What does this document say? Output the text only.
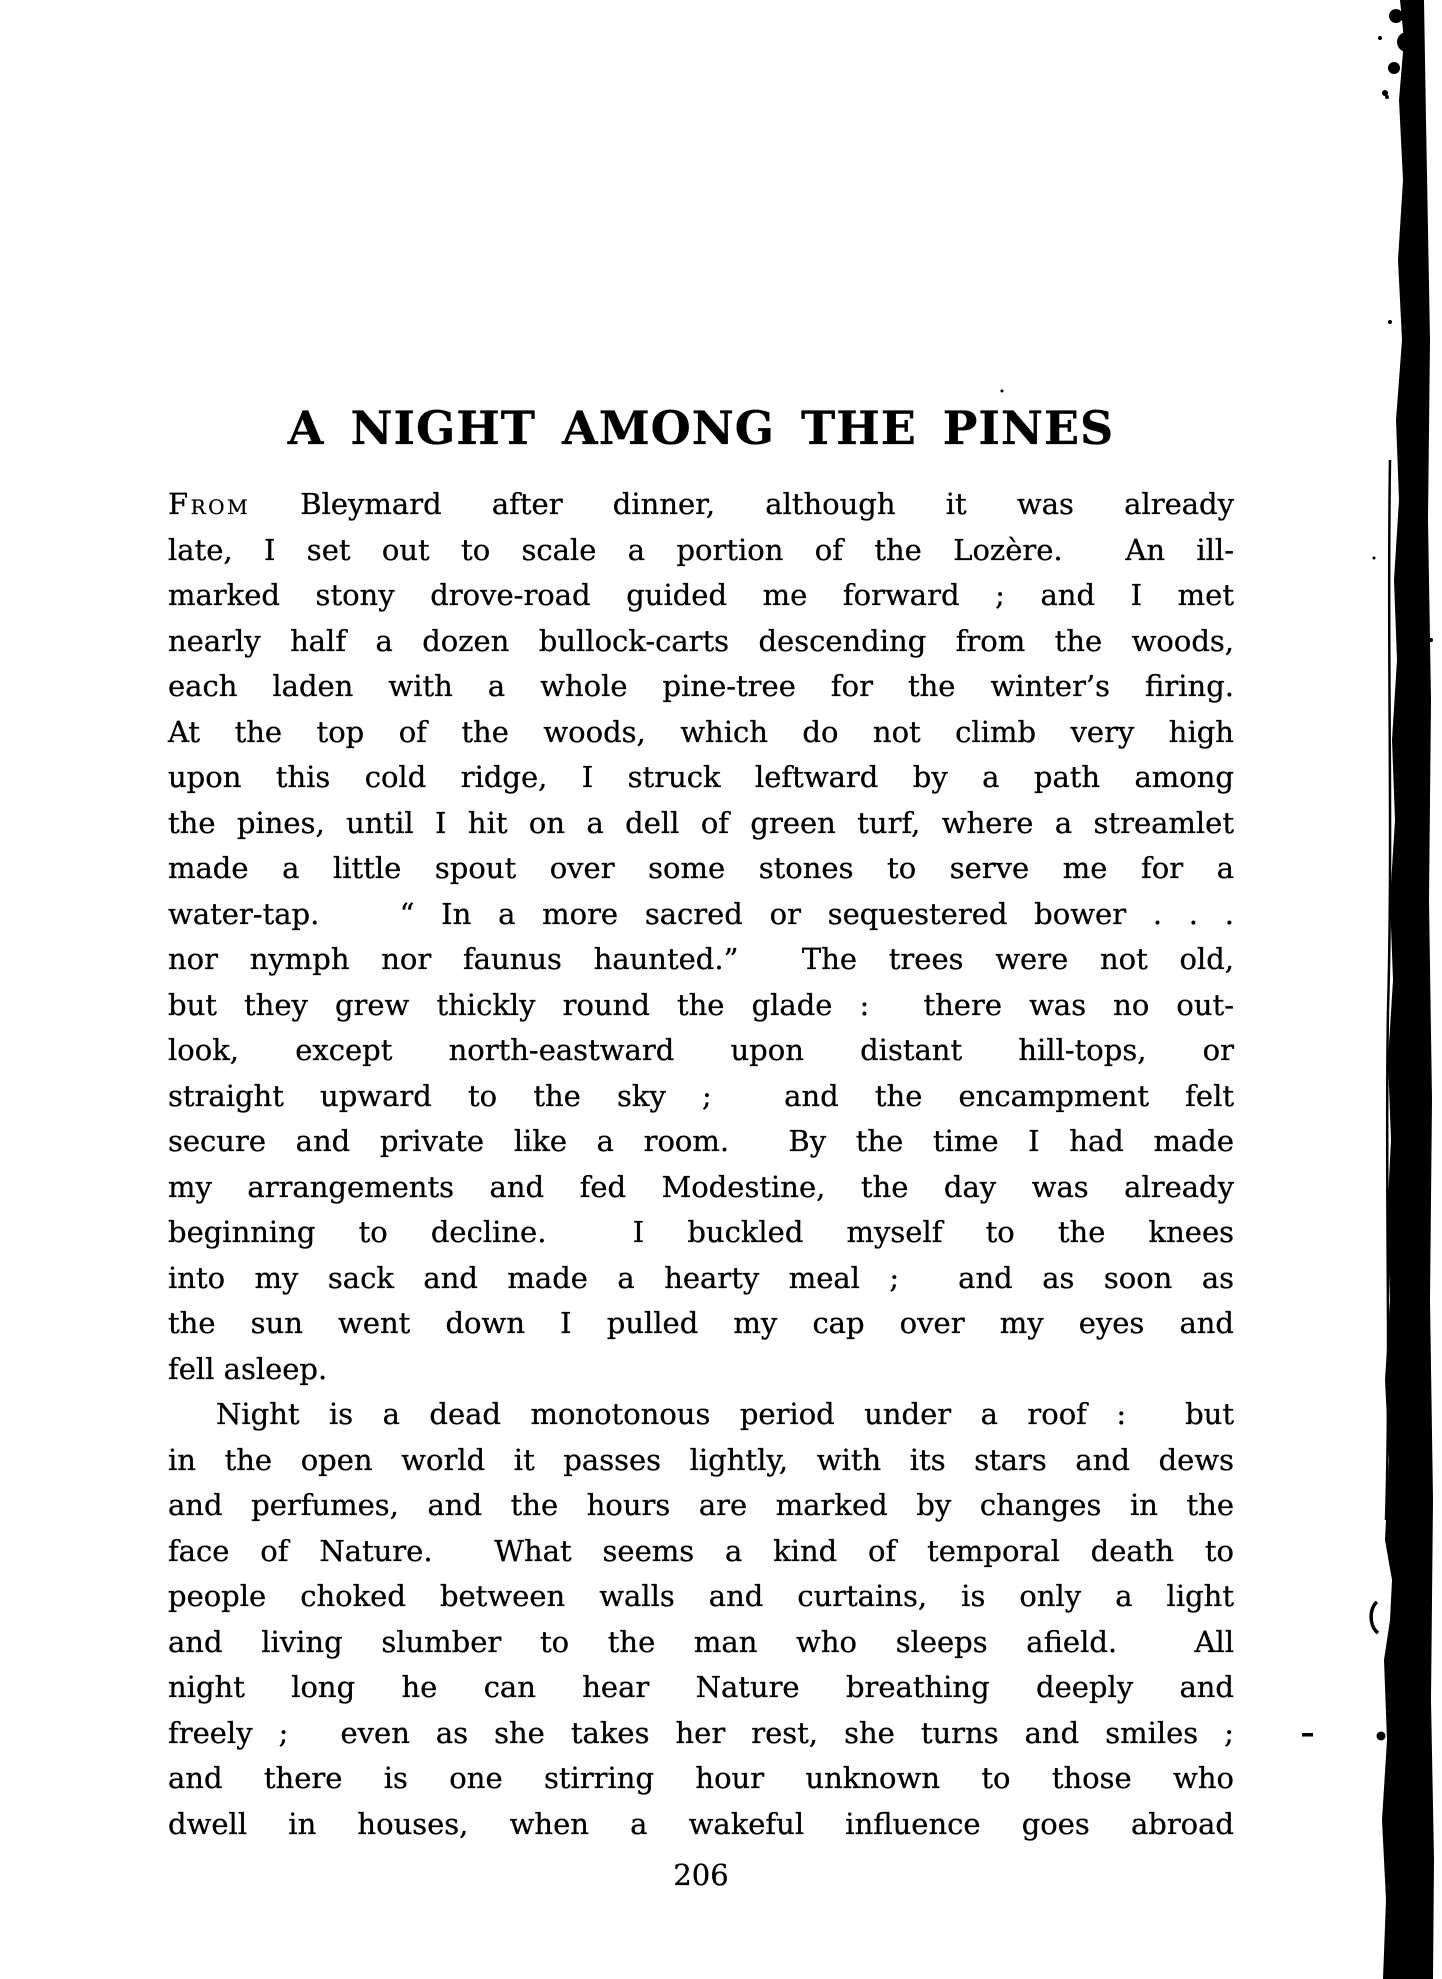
A NIGHT AMONG THE PINES
From Bleymard after dinner, although it was already
late, I set out to scale a portion of the Lozère.  An ill-
marked stony drove-road guided me forward ; and I met
nearly half a dozen bullock-carts descending from the woods,
each laden with a whole pine-tree for the winter’s firing.
At the top of the woods, which do not climb very high
upon this cold ridge, I struck leftward by a path among
the pines, until I hit on a dell of green turf, where a streamlet
made a little spout over some stones to serve me for a
water-tap.   “ In a more sacred or sequestered bower . . .
nor nymph nor faunus haunted.”  The trees were not old,
but they grew thickly round the glade :  there was no out-
look, except north-eastward upon distant hill-tops, or
straight upward to the sky ;  and the encampment felt
secure and private like a room.  By the time I had made
my arrangements and fed Modestine, the day was already
beginning to decline.  I buckled myself to the knees
into my sack and made a hearty meal ;  and as soon as
the sun went down I pulled my cap over my eyes and
fell asleep.
Night is a dead monotonous period under a roof :  but
in the open world it passes lightly, with its stars and dews
and perfumes, and the hours are marked by changes in the
face of Nature.  What seems a kind of temporal death to
people choked between walls and curtains, is only a light
and living slumber to the man who sleeps afield.  All
night long he can hear Nature breathing deeply and
freely ;  even as she takes her rest, she turns and smiles ;
and there is one stirring hour unknown to those who
dwell in houses, when a wakeful influence goes abroad
206
